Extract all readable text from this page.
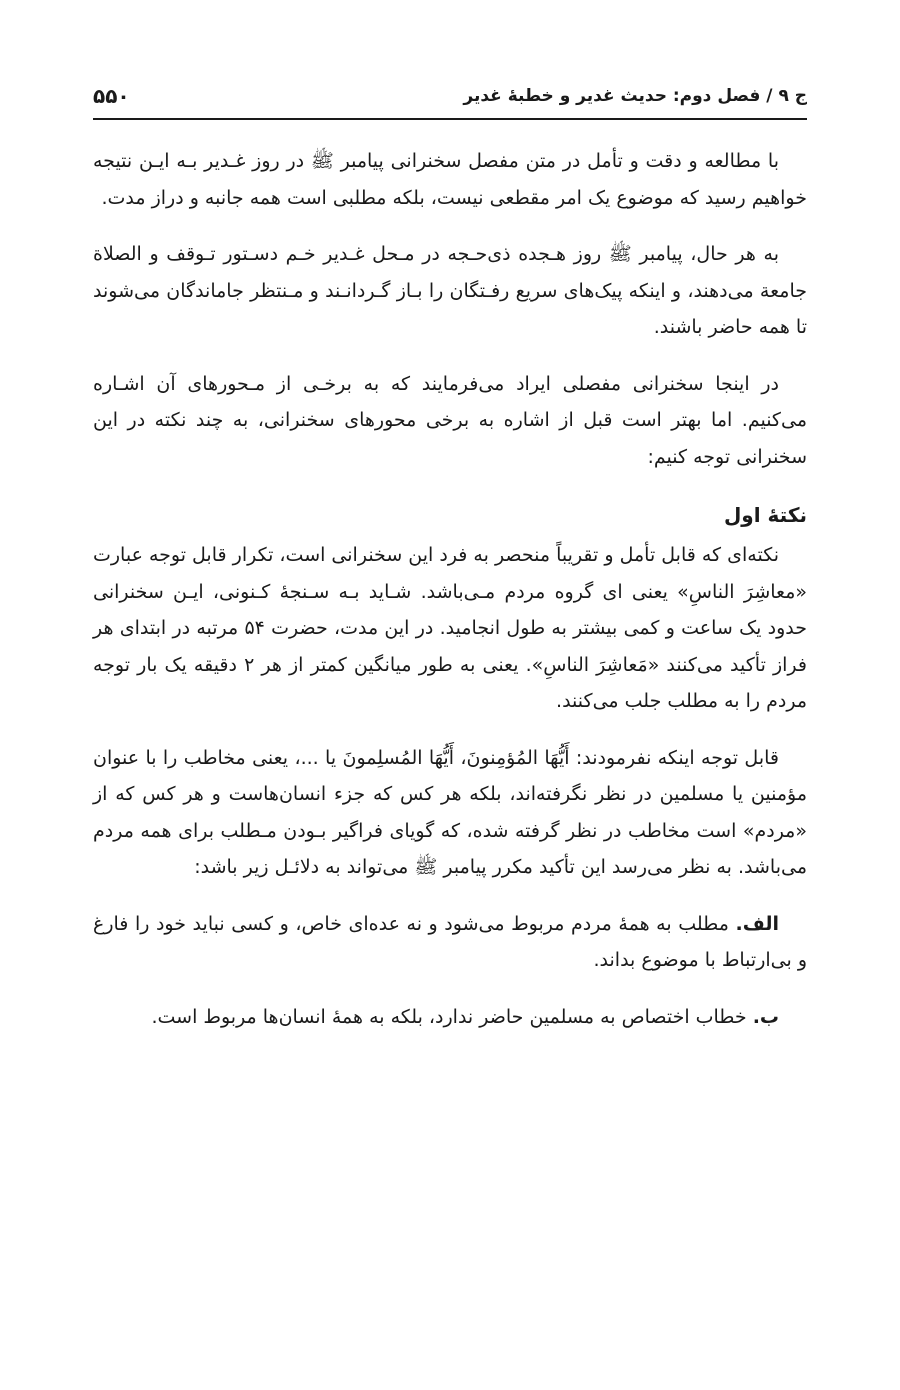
ج ۹ / فصل دوم: حدیث غدیر و خطبهٔ غدیر
۵۵۰

با مطالعه و دقت و تأمل در متن مفصل سخنرانی پیامبر ﷺ در روز غـدیر بـه ایـن نتیجه خواهیم رسید که موضوع یک امر مقطعی نیست، بلکه مطلبی است همه جانبه و دراز مدت.

به هر حال، پیامبر ﷺ روز هـجده ذی‌حـجه در مـحل غـدیر خـم دسـتور تـوقف و الصلاة جامعة می‌دهند، و اینکه پیک‌های سریع رفـتگان را بـاز گـردانـند و مـنتظر جاماندگان می‌شوند تا همه حاضر باشند.

در اینجا سخنرانی مفصلی ایراد می‌فرمایند که به برخـی از مـحورهای آن اشـاره می‌کنیم. اما بهتر است قبل از اشاره به برخی محورهای سخنرانی، به چند نکته در این سخنرانی توجه کنیم:

نکتهٔ اول

نکته‌ای که قابل تأمل و تقریباً منحصر به فرد این سخنرانی است، تکرار قابل توجه عبارت «معاشِرَ الناسِ» یعنی ای گروه مردم مـی‌باشد. شـاید بـه سـنجهٔ کـنونی، ایـن سخنرانی حدود یک ساعت و کمی بیشتر به طول انجامید. در این مدت، حضرت ۵۴ مرتبه در ابتدای هر فراز تأکید می‌کنند «مَعاشِرَ الناسِ». یعنی به طور میانگین کمتر از هر ۲ دقیقه یک بار توجه مردم را به مطلب جلب می‌کنند.

قابل توجه اینکه نفرمودند: أَيُّهَا المُؤمِنونَ، أَيُّهَا المُسلِمونَ یا ...، یعنی مخاطب را با عنوان مؤمنین یا مسلمین در نظر نگرفته‌اند، بلکه هر کس که جزء انسان‌هاست و هر کس که از «مردم» است مخاطب در نظر گرفته شده، که گویای فراگیر بـودن مـطلب برای همه مردم می‌باشد. به نظر می‌رسد این تأکید مکرر پیامبر ﷺ می‌تواند به دلائـل زیر باشد:

الف. مطلب به همهٔ مردم مربوط می‌شود و نه عده‌ای خاص، و کسی نباید خود را فارغ و بی‌ارتباط با موضوع بداند.

ب. خطاب اختصاص به مسلمین حاضر ندارد، بلکه به همهٔ انسان‌ها مربوط است.
